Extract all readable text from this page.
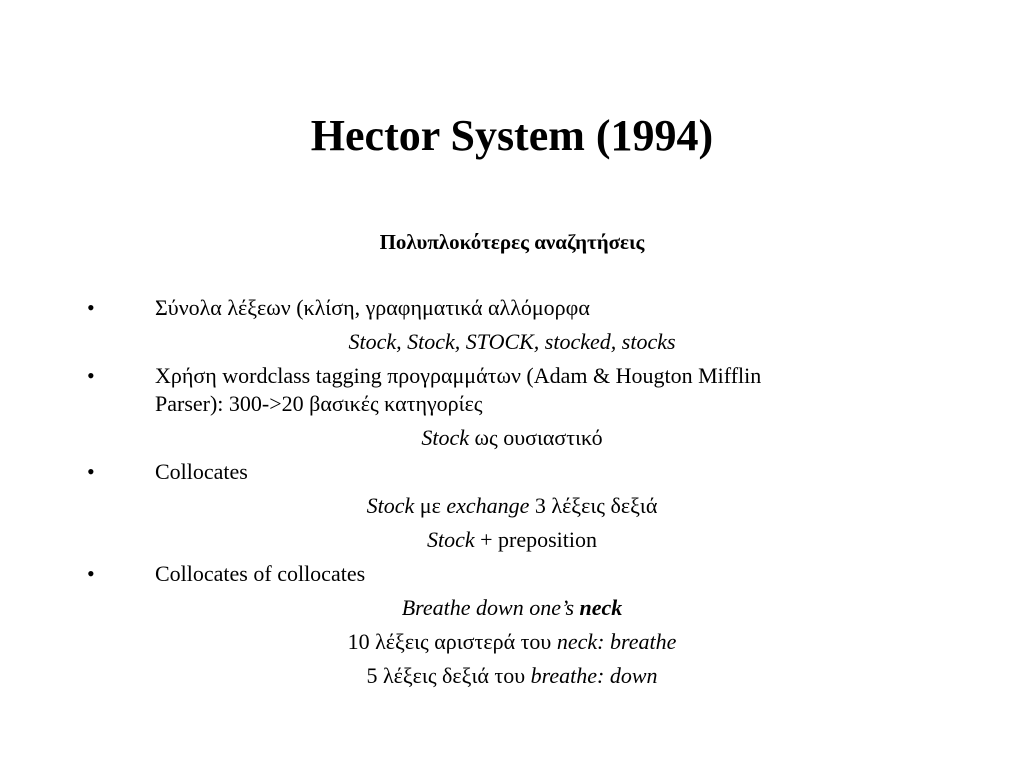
Hector System (1994)
Πολυπλοκότερες αναζητήσεις
•	Σύνολα λέξεων (κλίση, γραφηματικά αλλόμορφα
Stock, Stock, STOCK, stocked, stocks
•	Χρήση wordclass tagging προγραμμάτων (Adam & Hougton Mifflin
Parser): 300->20 βασικές κατηγορίες
Stock ως ουσιαστικό
•	Collocates
Stock με exchange 3 λέξεις δεξιά
Stock + preposition
•	Collocates of collocates
Breathe down one’s neck
10 λέξεις αριστερά του neck: breathe
5 λέξεις δεξιά του breathe: down
